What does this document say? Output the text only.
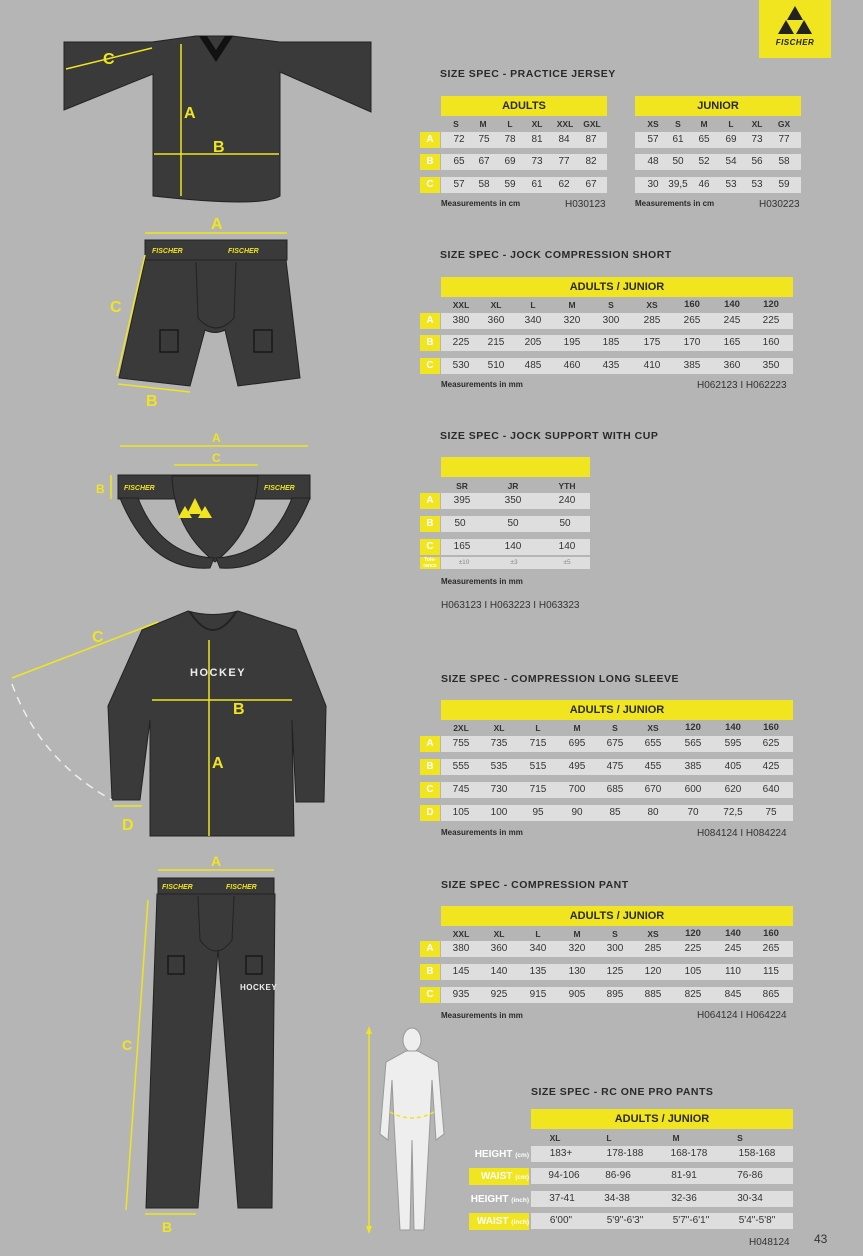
C
A
B
FISCHER	FISCHER
A
C
B
FISCHER	FISCHER
A
C
B
HOCKEY
C
B
A
D
FISCHER	FISCHER
HOCKEY
A
C
B
FISCHER
SIZE SPEC - PRACTICE JERSEY
ADULTS	JUNIOR
S M L XL XXL GXL	XS S M L XL GX
A	72 75 78 81 84 87	57 61 65 69 73 77
B	65 67 69 73 77 82	48 50 52 54 56 58
C	57 58 59 61 62 67	30 39,5 46 53 53 59
Measurements in cm	H030123	Measurements in cm	H030223
SIZE SPEC - JOCK COMPRESSION SHORT
ADULTS / JUNIOR
XXL	XL	L	M	S	XS	160	140 120
A	380 360 340 320 300 285 265 245 225
B	225 215 205 195 185 175 170 165 160
C	530 510 485 460 435 410 385 360 350
Measurements in mm	H062123 I H062223
SIZE SPEC - JOCK SUPPORT WITH CUP
SR	JR	YTH
A	395	350	240
B	50	50	50
C	165	140	140
Tole-rance	±10	±3	±5
Measurements in mm
H063123 I H063223 I H063323
SIZE SPEC - COMPRESSION LONG SLEEVE
ADULTS / JUNIOR
2XL	XL	L	M	S	XS	120	140 160
A	755 735 715 695 675 655 565 595 625
B	555 535 515 495 475 455 385 405 425
C	745 730 715 700 685 670 600 620 640
D	105 100	95	90	85	80	70 72,5 75
Measurements in mm	H084124 I H084224
SIZE SPEC - COMPRESSION PANT
ADULTS / JUNIOR
XXL	XL	L	M	S	XS	120	140 160
A	380 360 340 320 300 285 225 245 265
B	145 140 135 130 125 120 105 110 115
C	935 925 915 905 895 885 825 845 865
Measurements in mm	H064124 I H064224
SIZE SPEC - RC ONE PRO PANTS
ADULTS / JUNIOR
XL	L	M	S
HEIGHT (cm) 183+	178-188	168-178	158-168
WAIST (cm) 94-106	86-96	81-91	76-86
HEIGHT (inch) 37-41	34-38	32-36	30-34
WAIST (inch) 6'00"	5'9"-6'3"	5'7"-6'1"	5'4"-5'8"
H048124 43
